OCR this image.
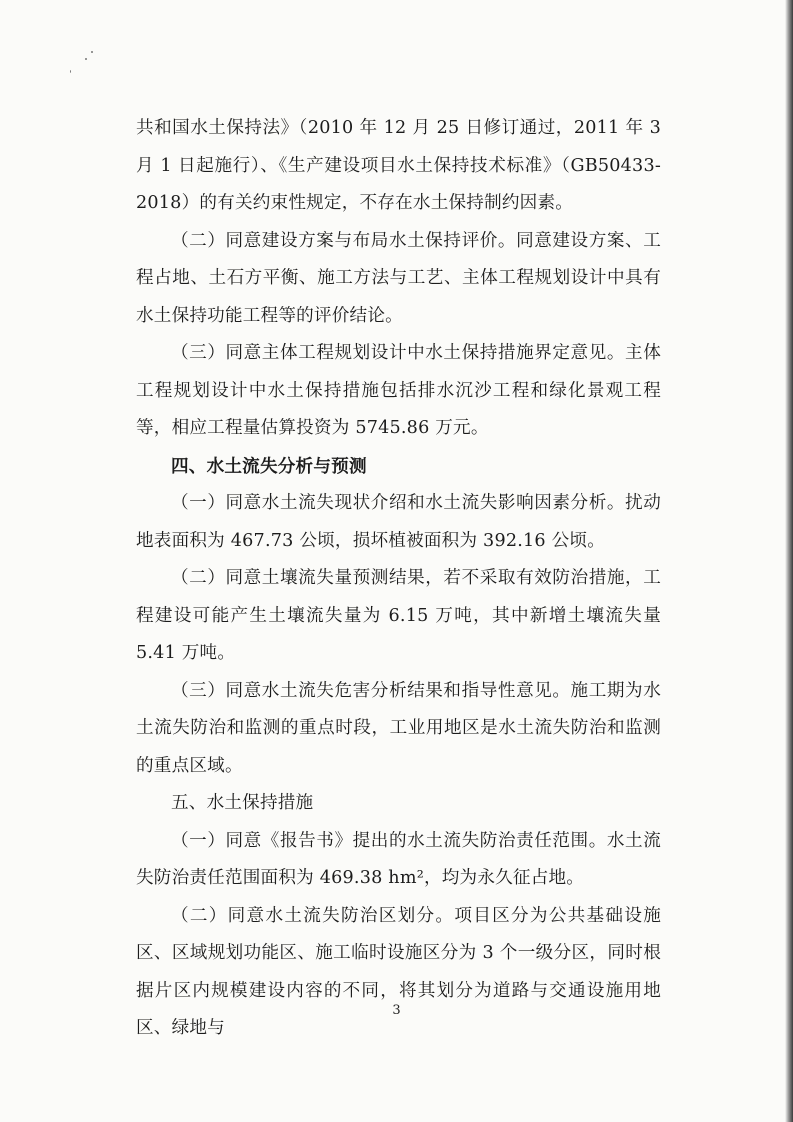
共和国水土保持法》（2010 年 12 月 25 日修订通过，2011 年 3 月 1 日起施行）、《生产建设项目水土保持技术标准》（GB50433-2018）的有关约束性规定，不存在水土保持制约因素。

（二）同意建设方案与布局水土保持评价。同意建设方案、工程占地、土石方平衡、施工方法与工艺、主体工程规划设计中具有水土保持功能工程等的评价结论。

（三）同意主体工程规划设计中水土保持措施界定意见。主体工程规划设计中水土保持措施包括排水沉沙工程和绿化景观工程等，相应工程量估算投资为 5745.86 万元。

四、水土流失分析与预测

（一）同意水土流失现状介绍和水土流失影响因素分析。扰动地表面积为 467.73 公顷，损坏植被面积为 392.16 公顷。

（二）同意土壤流失量预测结果，若不采取有效防治措施，工程建设可能产生土壤流失量为 6.15 万吨，其中新增土壤流失量 5.41 万吨。

（三）同意水土流失危害分析结果和指导性意见。施工期为水土流失防治和监测的重点时段，工业用地区是水土流失防治和监测的重点区域。

五、水土保持措施

（一）同意《报告书》提出的水土流失防治责任范围。水土流失防治责任范围面积为 469.38 hm²，均为永久征占地。

（二）同意水土流失防治区划分。项目区分为公共基础设施区、区域规划功能区、施工临时设施区分为 3 个一级分区，同时根据片区内规模建设内容的不同，将其划分为道路与交通设施用地区、绿地与

3
